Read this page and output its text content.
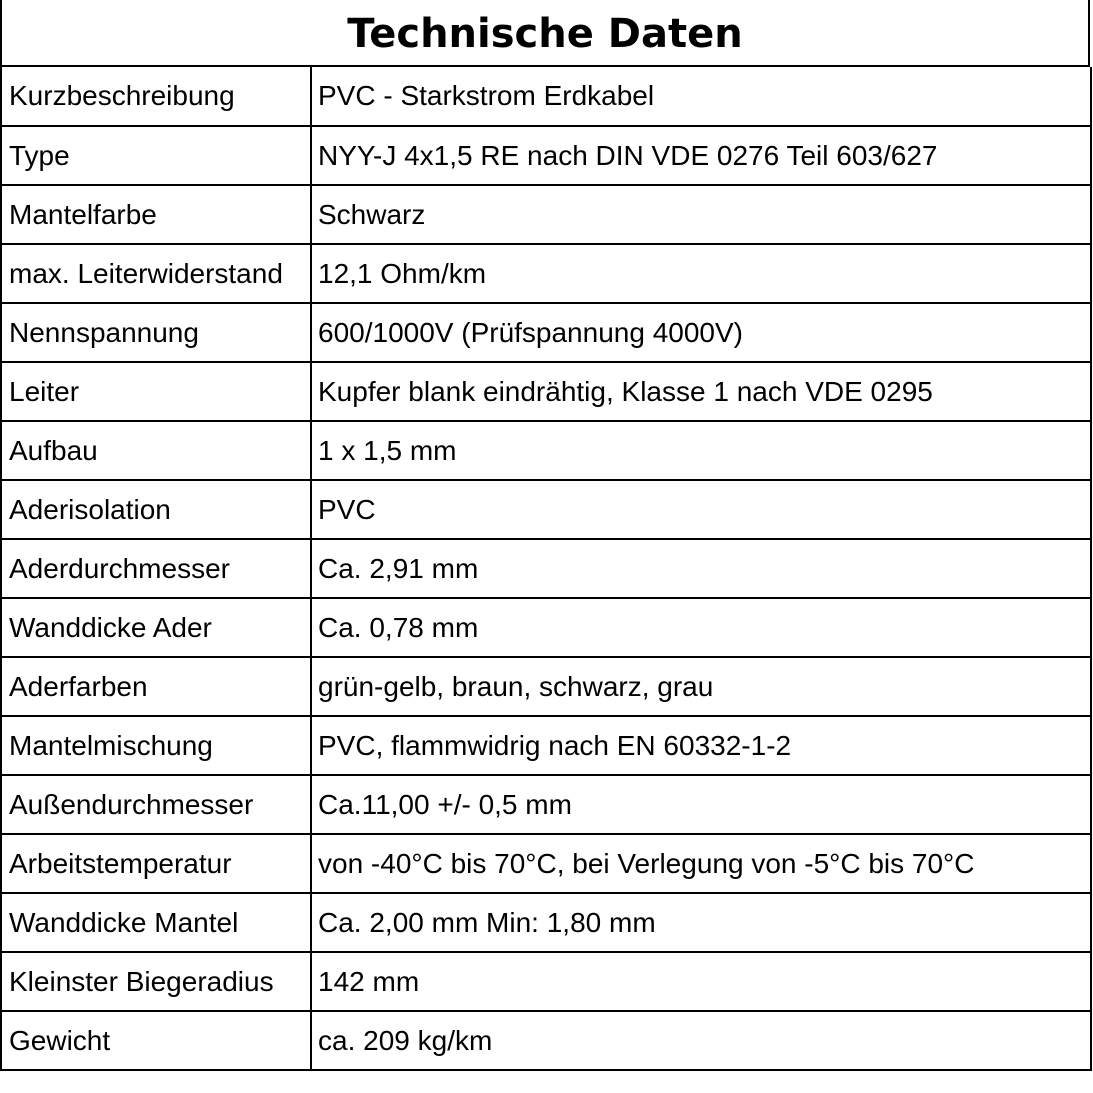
Technische Daten
Kurzbeschreibung	PVC - Starkstrom Erdkabel
Type	NYY-J 4x1,5 RE nach DIN VDE 0276 Teil 603/627
Mantelfarbe	Schwarz
max. Leiterwiderstand	12,1 Ohm/km
Nennspannung	600/1000V (Prüfspannung 4000V)
Leiter	Kupfer blank eindrähtig, Klasse 1 nach VDE 0295
Aufbau	1 x 1,5 mm
Aderisolation	PVC
Aderdurchmesser	Ca. 2,91 mm
Wanddicke Ader	Ca. 0,78 mm
Aderfarben	grün-gelb, braun, schwarz, grau
Mantelmischung	PVC, flammwidrig nach EN 60332-1-2
Außendurchmesser	Ca.11,00 +/- 0,5 mm
Arbeitstemperatur	von -40°C bis 70°C, bei Verlegung von -5°C bis 70°C
Wanddicke Mantel	Ca. 2,00 mm Min: 1,80 mm
Kleinster Biegeradius	142 mm
Gewicht	ca. 209 kg/km
